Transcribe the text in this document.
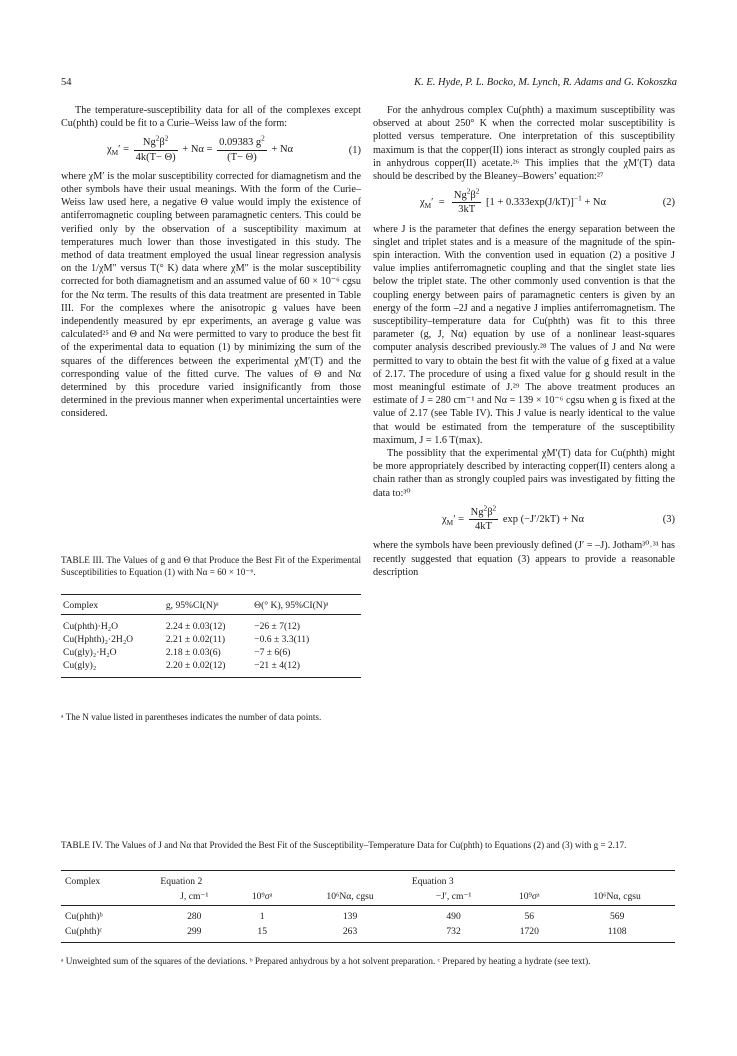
54	K. E. Hyde, P. L. Bocko, M. Lynch, R. Adams and G. Kokoszka

The temperature-susceptibility data for all of the complexes except Cu(phth) could be fit to a Curie–Weiss law of the form:

$\chi_M' = \frac{Ng^2\beta^2}{4k(T- \Theta)} + N\alpha = \frac{0.09383 g^2}{(T- \Theta)} + N\alpha$	(1)

where χM′ is the molar susceptibility corrected for diamagnetism and the other symbols have their usual meanings. With the form of the Curie–Weiss law used here, a negative Θ value would imply the existence of antiferromagnetic coupling between paramagnetic centers. This could be verified only by the observation of a susceptibility maximum at temperatures much lower than those investigated in this study. The method of data treatment employed the usual linear regression analysis on the 1/χM″ versus T(° K) data where χM″ is the molar susceptibility corrected for both diamagnetism and an assumed value of 60 × 10⁻⁶ cgsu for the Nα term. The results of this data treatment are presented in Table III. For the complexes where the anisotropic g values have been independently measured by epr experiments, an average g value was calculated²⁵ and Θ and Nα were permitted to vary to produce the best fit of the experimental data to equation (1) by minimizing the sum of the squares of the differences between the experimental χM′(T) and the corresponding value of the fitted curve. The values of Θ and Nα determined by this procedure varied insignificantly from those determined in the previous manner when experimental uncertainties were considered.

For the anhydrous complex Cu(phth) a maximum susceptibility was observed at about 250° K when the corrected molar susceptibility is plotted versus temperature. One interpretation of this susceptibility maximum is that the copper(II) ions interact as strongly coupled pairs as in anhydrous copper(II) acetate.²⁶ This implies that the χM′(T) data should be described by the Bleaney–Bowers’ equation:²⁷

$\chi_M' = \frac{Ng^2\beta^2}{3kT} [1 + 0.333\exp(J/kT)]^{-1} + N\alpha$	(2)

where J is the parameter that defines the energy separation between the singlet and triplet states and is a measure of the magnitude of the spin-spin interaction. With the convention used in equation (2) a positive J value implies antiferromagnetic coupling and that the singlet state lies below the triplet state. The other commonly used convention is that the coupling energy between pairs of paramagnetic centers is given by an energy of the form –2J and a negative J implies antiferromagnetism. The susceptibility–temperature data for Cu(phth) was fit to this three parameter (g, J, Nα) equation by use of a nonlinear least-squares computer analysis described previously.²⁸ The values of J and Nα were permitted to vary to obtain the best fit with the value of g fixed at a value of 2.17. The procedure of using a fixed value for g should result in the most meaningful estimate of J.²⁹ The above treatment produces an estimate of J = 280 cm⁻¹ and Nα = 139 × 10⁻⁶ cgsu when g is fixed at the value of 2.17 (see Table IV). This J value is nearly identical to the value that would be estimated from the temperature of the susceptibility maximum, J = 1.6 T(max).

The possiblity that the experimental χM′(T) data for Cu(phth) might be more appropriately described by interacting copper(II) centers along a chain rather than as strongly coupled pairs was investigated by fitting the data to:³⁰

$\chi_M' = \frac{Ng^2\beta^2}{4kT}$ exp (−J′/2kT) + Nα	(3)

where the symbols have been previously defined (J′ = –J). Jotham³⁰˒³¹ has recently suggested that equation (3) appears to provide a reasonable description

TABLE III. The Values of g and Θ that Produce the Best Fit of the Experimental Susceptibilities to Equation (1) with Nα = 60 × 10⁻⁶.
Complex	g, 95%CI(N)ᵃ	Θ(° K), 95%CI(N)ᵃ
Cu(phth)·H₂O	2.24 ± 0.03(12)	−26 ± 7(12)
Cu(Hphth)₂·2H₂O	2.21 ± 0.02(11)	−0.6 ± 3.3(11)
Cu(gly)₂·H₂O	2.18 ± 0.03(6)	−7 ± 6(6)
Cu(gly)₂	2.20 ± 0.02(12)	−21 ± 4(12)
ᵃ The N value listed in parentheses indicates the number of data points.
TABLE IV. The Values of J and Nα that Provided the Best Fit of the Susceptibility–Temperature Data for Cu(phth) to Equations (2) and (3) with g = 2.17.
Complex	Equation 2			Equation 3		
	J, cm⁻¹	10⁹σᵃ	10⁶Nα, cgsu	−J′, cm⁻¹	10⁹σᵃ	10⁶Nα, cgsu
Cu(phth)ᵇ	280	1	139	490	56	569
Cu(phth)ᶜ	299	15	263	732	1720	1108
ᵃ Unweighted sum of the squares of the deviations. ᵇ Prepared anhydrous by a hot solvent preparation. ᶜ Prepared by heating a hydrate (see text).
